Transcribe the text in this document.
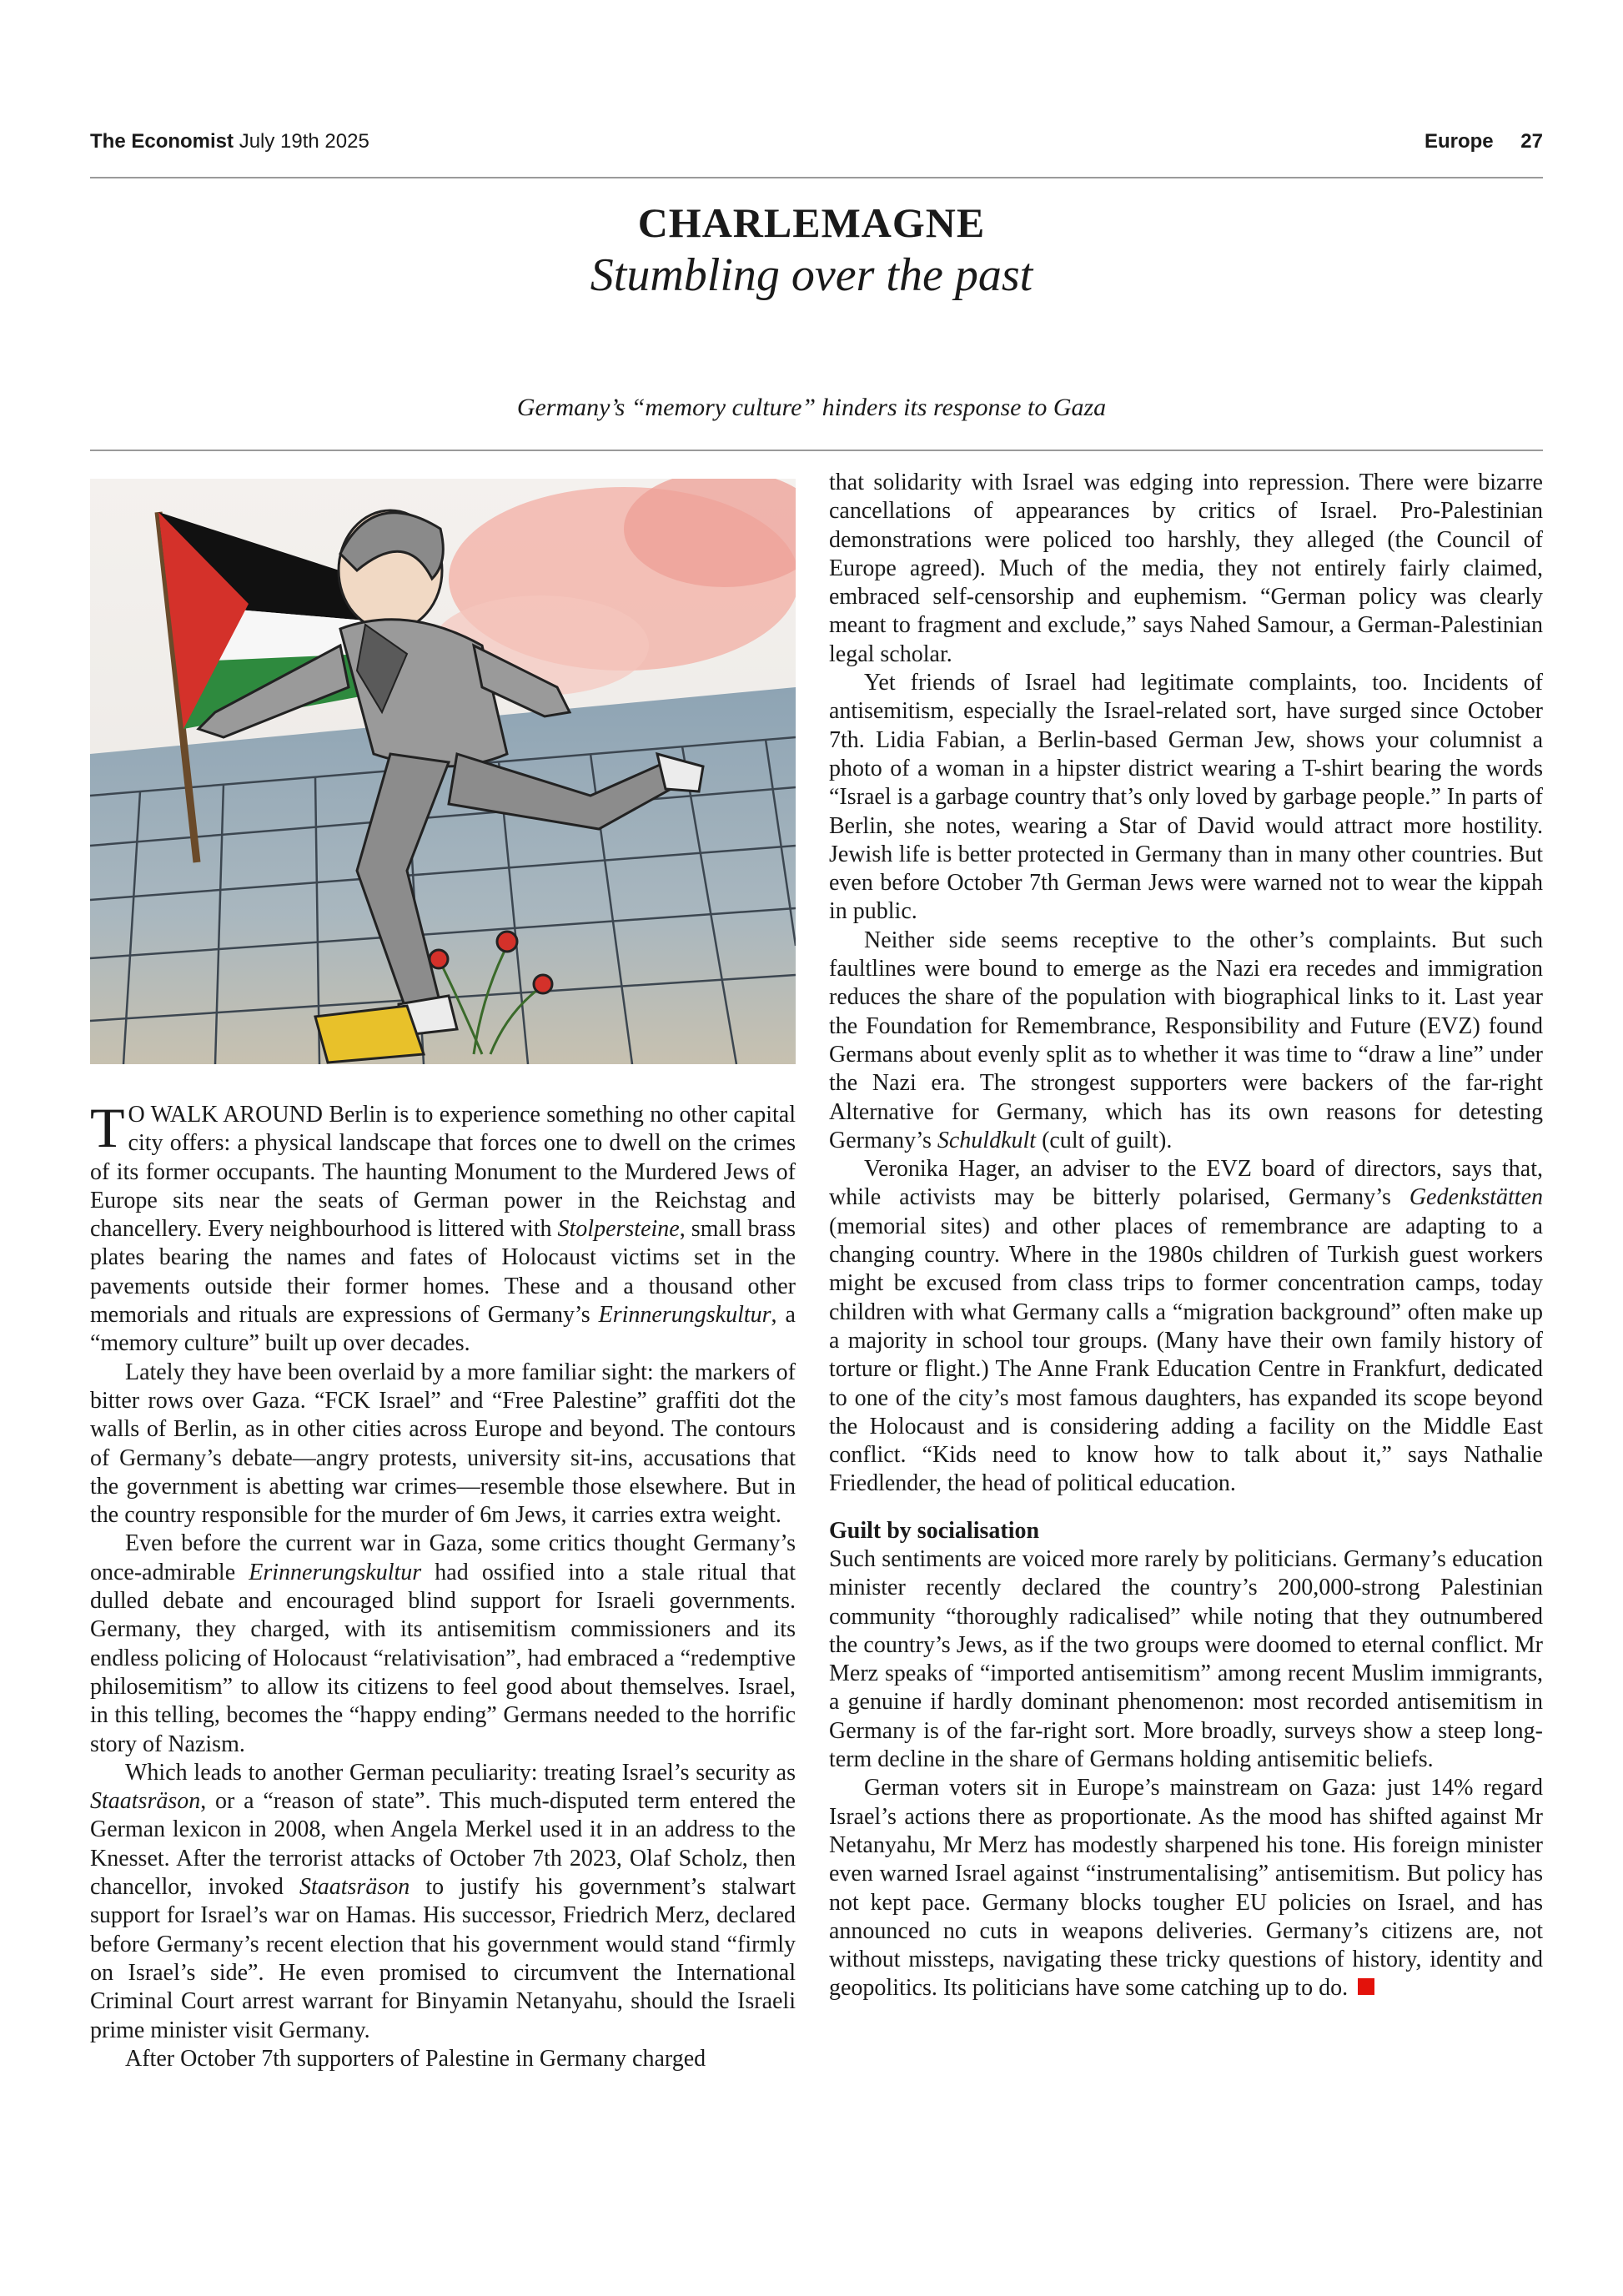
The Economist July 19th 2025	Europe 27
CHARLEMAGNE
Stumbling over the past
Germany’s “memory culture” hinders its response to Gaza

T O WALK AROUND Berlin is to experience something no other capital city offers: a physical landscape that forces one to dwell on the crimes of its former occupants. The haunting Monument to the Murdered Jews of Europe sits near the seats of German power in the Reichstag and chancellery. Every neighbourhood is littered with Stolpersteine, small brass plates bearing the names and fates of Holocaust victims set in the pavements outside their former homes. These and a thousand other memorials and rituals are expressions of Germany’s Erinnerungskultur, a “memory culture” built up over decades.

Lately they have been overlaid by a more familiar sight: the markers of bitter rows over Gaza. “FCK Israel” and “Free Palestine” graffiti dot the walls of Berlin, as in other cities across Europe and beyond. The contours of Germany’s debate—angry protests, university sit-ins, accusations that the government is abetting war crimes—resemble those elsewhere. But in the country responsible for the murder of 6m Jews, it carries extra weight.

Even before the current war in Gaza, some critics thought Germany’s once-admirable Erinnerungskultur had ossified into a stale ritual that dulled debate and encouraged blind support for Israeli governments. Germany, they charged, with its antisemitism commissioners and its endless policing of Holocaust “relativisation”, had embraced a “redemptive philosemitism” to allow its citizens to feel good about themselves. Israel, in this telling, becomes the “happy ending” Germans needed to the horrific story of Nazism.

Which leads to another German peculiarity: treating Israel’s security as Staatsräson, or a “reason of state”. This much-disputed term entered the German lexicon in 2008, when Angela Merkel used it in an address to the Knesset. After the terrorist attacks of October 7th 2023, Olaf Scholz, then chancellor, invoked Staatsräson to justify his government’s stalwart support for Israel’s war on Hamas. His successor, Friedrich Merz, declared before Germany’s recent election that his government would stand “firmly on Israel’s side”. He even promised to circumvent the International Criminal Court arrest warrant for Binyamin Netanyahu, should the Israeli prime minister visit Germany.

After October 7th supporters of Palestine in Germany charged

that solidarity with Israel was edging into repression. There were bizarre cancellations of appearances by critics of Israel. Pro-Palestinian demonstrations were policed too harshly, they alleged (the Council of Europe agreed). Much of the media, they not entirely fairly claimed, embraced self-censorship and euphemism. “German policy was clearly meant to fragment and exclude,” says Nahed Samour, a German-Palestinian legal scholar.

Yet friends of Israel had legitimate complaints, too. Incidents of antisemitism, especially the Israel-related sort, have surged since October 7th. Lidia Fabian, a Berlin-based German Jew, shows your columnist a photo of a woman in a hipster district wearing a T-shirt bearing the words “Israel is a garbage country that’s only loved by garbage people.” In parts of Berlin, she notes, wearing a Star of David would attract more hostility. Jewish life is better protected in Germany than in many other countries. But even before October 7th German Jews were warned not to wear the kippah in public.

Neither side seems receptive to the other’s complaints. But such faultlines were bound to emerge as the Nazi era recedes and immigration reduces the share of the population with biographical links to it. Last year the Foundation for Remembrance, Responsibility and Future (EVZ) found Germans about evenly split as to whether it was time to “draw a line” under the Nazi era. The strongest supporters were backers of the far-right Alternative for Germany, which has its own reasons for detesting Germany’s Schuldkult (cult of guilt).

Veronika Hager, an adviser to the EVZ board of directors, says that, while activists may be bitterly polarised, Germany’s Gedenkstätten (memorial sites) and other places of remembrance are adapting to a changing country. Where in the 1980s children of Turkish guest workers might be excused from class trips to former concentration camps, today children with what Germany calls a “migration background” often make up a majority in school tour groups. (Many have their own family history of torture or flight.) The Anne Frank Education Centre in Frankfurt, dedicated to one of the city’s most famous daughters, has expanded its scope beyond the Holocaust and is considering adding a facility on the Middle East conflict. “Kids need to know how to talk about it,” says Nathalie Friedlender, the head of political education.

Guilt by socialisation

Such sentiments are voiced more rarely by politicians. Germany’s education minister recently declared the country’s 200,000-strong Palestinian community “thoroughly radicalised” while noting that they outnumbered the country’s Jews, as if the two groups were doomed to eternal conflict. Mr Merz speaks of “imported antisemitism” among recent Muslim immigrants, a genuine if hardly dominant phenomenon: most recorded antisemitism in Germany is of the far-right sort. More broadly, surveys show a steep long-term decline in the share of Germans holding antisemitic beliefs.

German voters sit in Europe’s mainstream on Gaza: just 14% regard Israel’s actions there as proportionate. As the mood has shifted against Mr Netanyahu, Mr Merz has modestly sharpened his tone. His foreign minister even warned Israel against “instrumentalising” antisemitism. But policy has not kept pace. Germany blocks tougher EU policies on Israel, and has announced no cuts in weapons deliveries. Germany’s citizens are, not without missteps, navigating these tricky questions of history, identity and geopolitics. Its politicians have some catching up to do.
